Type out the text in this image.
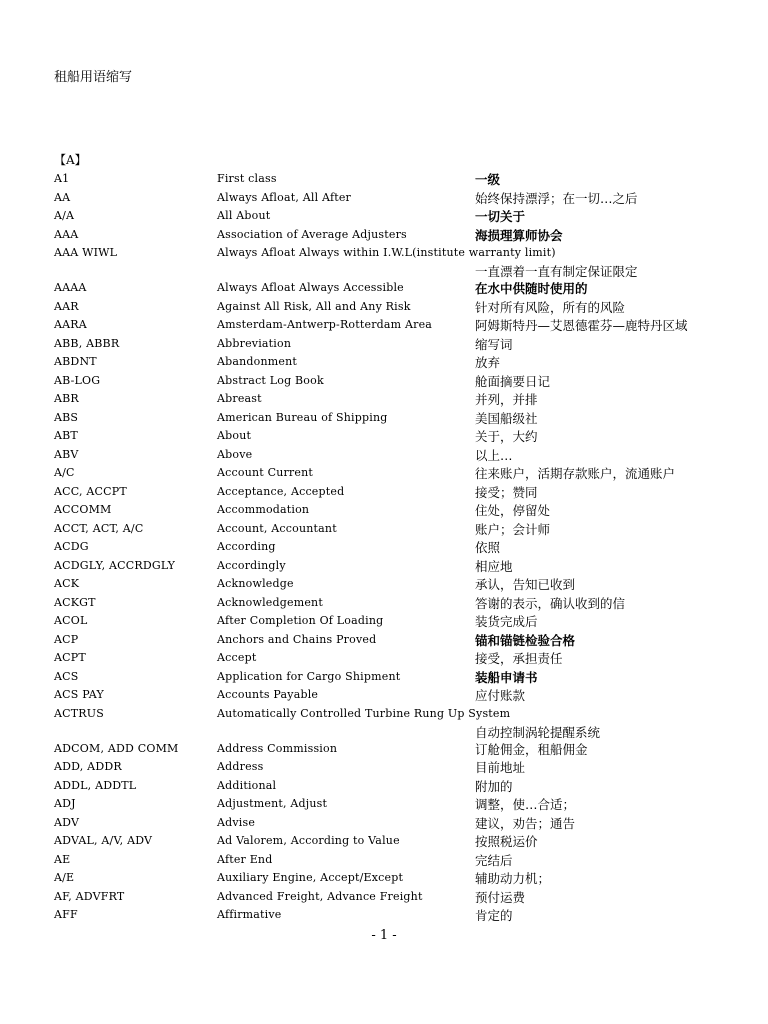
租船用语缩写
【A】
A1	First class	一级
AA	Always Afloat, All After	始终保持漂浮；在一切…之后
A/A	All About	一切关于
AAA	Association of Average Adjusters	海损理算师协会
AAA WIWL	Always Afloat Always within I.W.L(institute warranty limit)
一直漂着一直有制定保证限定
AAAA	Always Afloat Always Accessible	在水中供随时使用的
AAR	Against All Risk, All and Any Risk	针对所有风险，所有的风险
AARA	Amsterdam-Antwerp-Rotterdam Area	阿姆斯特丹—艾恩德霍芬—鹿特丹区域
ABB, ABBR	Abbreviation	缩写词
ABDNT	Abandonment	放弃
AB-LOG	Abstract Log Book	舱面摘要日记
ABR	Abreast	并列，并排
ABS	American Bureau of Shipping	美国船级社
ABT	About	关于，大约
ABV	Above	以上…
A/C	Account Current	往来账户，活期存款账户，流通账户
ACC, ACCPT	Acceptance, Accepted	接受；赞同
ACCOMM	Accommodation	住处，停留处
ACCT, ACT, A/C	Account, Accountant	账户；会计师
ACDG	According	依照
ACDGLY, ACCRDGLY	Accordingly	相应地
ACK	Acknowledge	承认，告知已收到
ACKGT	Acknowledgement	答谢的表示，确认收到的信
ACOL	After Completion Of Loading	装货完成后
ACP	Anchors and Chains Proved	锚和锚链检验合格
ACPT	Accept	接受，承担责任
ACS	Application for Cargo Shipment	装船申请书
ACS PAY	Accounts Payable	应付账款
ACTRUS	Automatically Controlled Turbine Rung Up System
自动控制涡轮提醒系统
ADCOM, ADD COMM	Address Commission	订舱佣金，租船佣金
ADD, ADDR	Address	目前地址
ADDL, ADDTL	Additional	附加的
ADJ	Adjustment, Adjust	调整，使…合适；
ADV	Advise	建议，劝告；通告
ADVAL, A/V, ADV	Ad Valorem, According to Value	按照税运价
AE	After End	完结后
A/E	Auxiliary Engine, Accept/Except	辅助动力机；
AF, ADVFRT	Advanced Freight, Advance Freight	预付运费
AFF	Affirmative	肯定的
- 1 -
